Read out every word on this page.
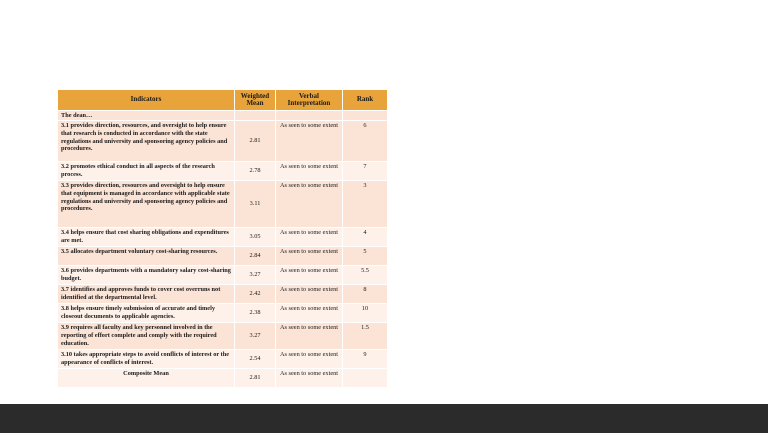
Indicators	Weighted Mean	Verbal Interpretation	Rank
The dean…			
3.1 provides direction, resources, and oversight to help ensure that research is conducted in accordance with the state regulations and university and sponsoring agency policies and procedures.	2.81	As seen to some extent	6
3.2 promotes ethical conduct in all aspects of the research process.	2.78	As seen to some extent	7
3.3 provides direction, resources and oversight to help ensure that equipment is managed in accordance with applicable state regulations and university and sponsoring agency policies and procedures.	3.11	As seen to some extent	3
3.4 helps ensure that cost sharing obligations and expenditures are met.	3.05	As seen to some extent	4
3.5 allocates department voluntary cost-sharing resources.	2.84	As seen to some extent	5
3.6 provides departments with a mandatory salary cost-sharing budget.	3.27	As seen to some extent	5.5
3.7 identifies and approves funds to cover cost overruns not identified at the departmental level.	2.42	As seen to some extent	8
3.8 helps ensure timely submission of accurate and timely closeout documents to applicable agencies.	2.38	As seen to some extent	10
3.9 requires all faculty and key personnel involved in the reporting of effort complete and comply with the required education.	3.27	As seen to some extent	1.5
3.10 takes appropriate steps to avoid conflicts of interest or the appearance of conflicts of interest.	2.54	As seen to some extent	9
Composite Mean	2.81	As seen to some extent	
